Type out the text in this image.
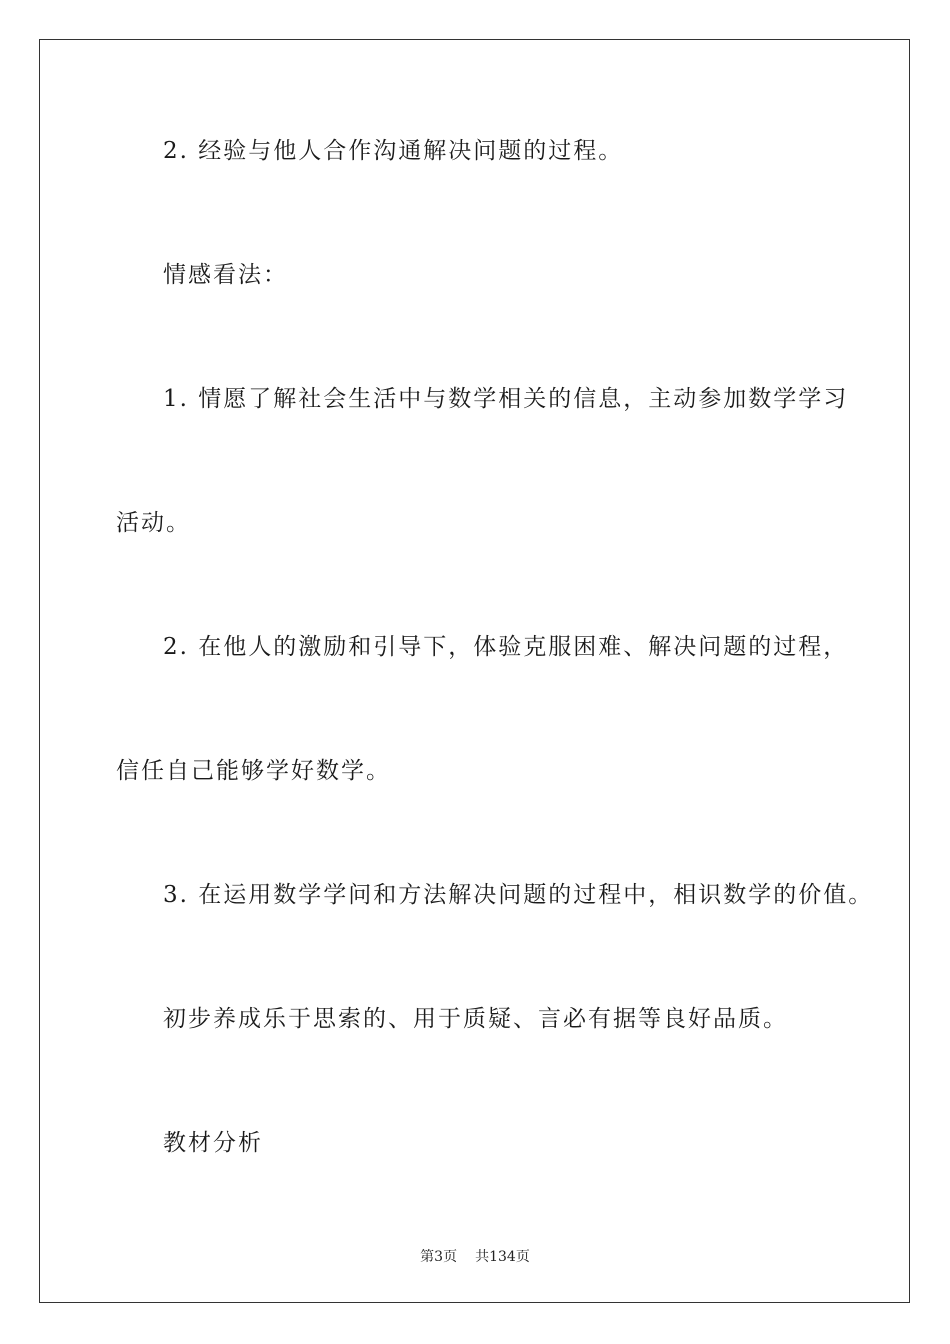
2. 经验与他人合作沟通解决问题的过程。
情感看法：
1. 情愿了解社会生活中与数学相关的信息，主动参加数学学习
活动。
2. 在他人的激励和引导下，体验克服困难、解决问题的过程，
信任自己能够学好数学。
3. 在运用数学学问和方法解决问题的过程中，相识数学的价值。
初步养成乐于思索的、用于质疑、言必有据等良好品质。
教材分析
第3页 共134页
